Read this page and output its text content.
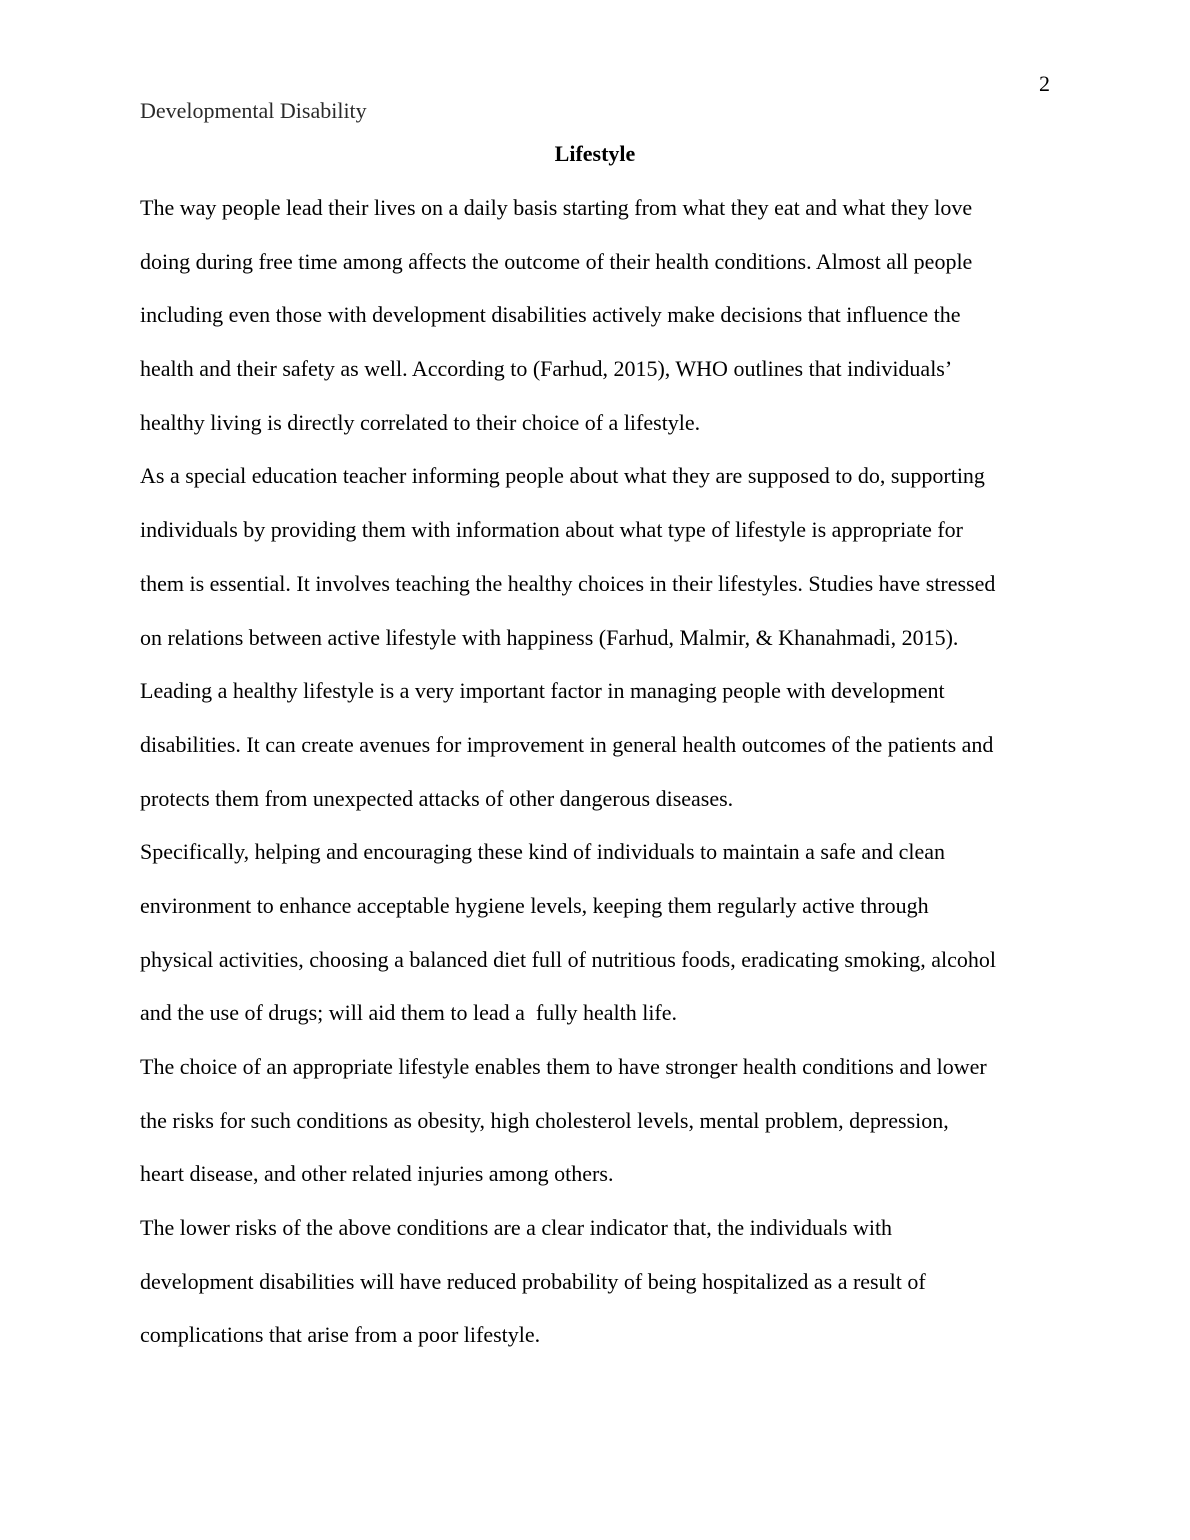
2
Developmental Disability
Lifestyle
The way people lead their lives on a daily basis starting from what they eat and what they love
doing during free time among affects the outcome of their health conditions. Almost all people
including even those with development disabilities actively make decisions that influence the
health and their safety as well. According to (Farhud, 2015), WHO outlines that individuals’
healthy living is directly correlated to their choice of a lifestyle.
As a special education teacher informing people about what they are supposed to do, supporting
individuals by providing them with information about what type of lifestyle is appropriate for
them is essential. It involves teaching the healthy choices in their lifestyles. Studies have stressed
on relations between active lifestyle with happiness (Farhud, Malmir, & Khanahmadi, 2015).
Leading a healthy lifestyle is a very important factor in managing people with development
disabilities. It can create avenues for improvement in general health outcomes of the patients and
protects them from unexpected attacks of other dangerous diseases.
Specifically, helping and encouraging these kind of individuals to maintain a safe and clean
environment to enhance acceptable hygiene levels, keeping them regularly active through
physical activities, choosing a balanced diet full of nutritious foods, eradicating smoking, alcohol
and the use of drugs; will aid them to lead a  fully health life.
The choice of an appropriate lifestyle enables them to have stronger health conditions and lower
the risks for such conditions as obesity, high cholesterol levels, mental problem, depression,
heart disease, and other related injuries among others.
The lower risks of the above conditions are a clear indicator that, the individuals with
development disabilities will have reduced probability of being hospitalized as a result of
complications that arise from a poor lifestyle.
